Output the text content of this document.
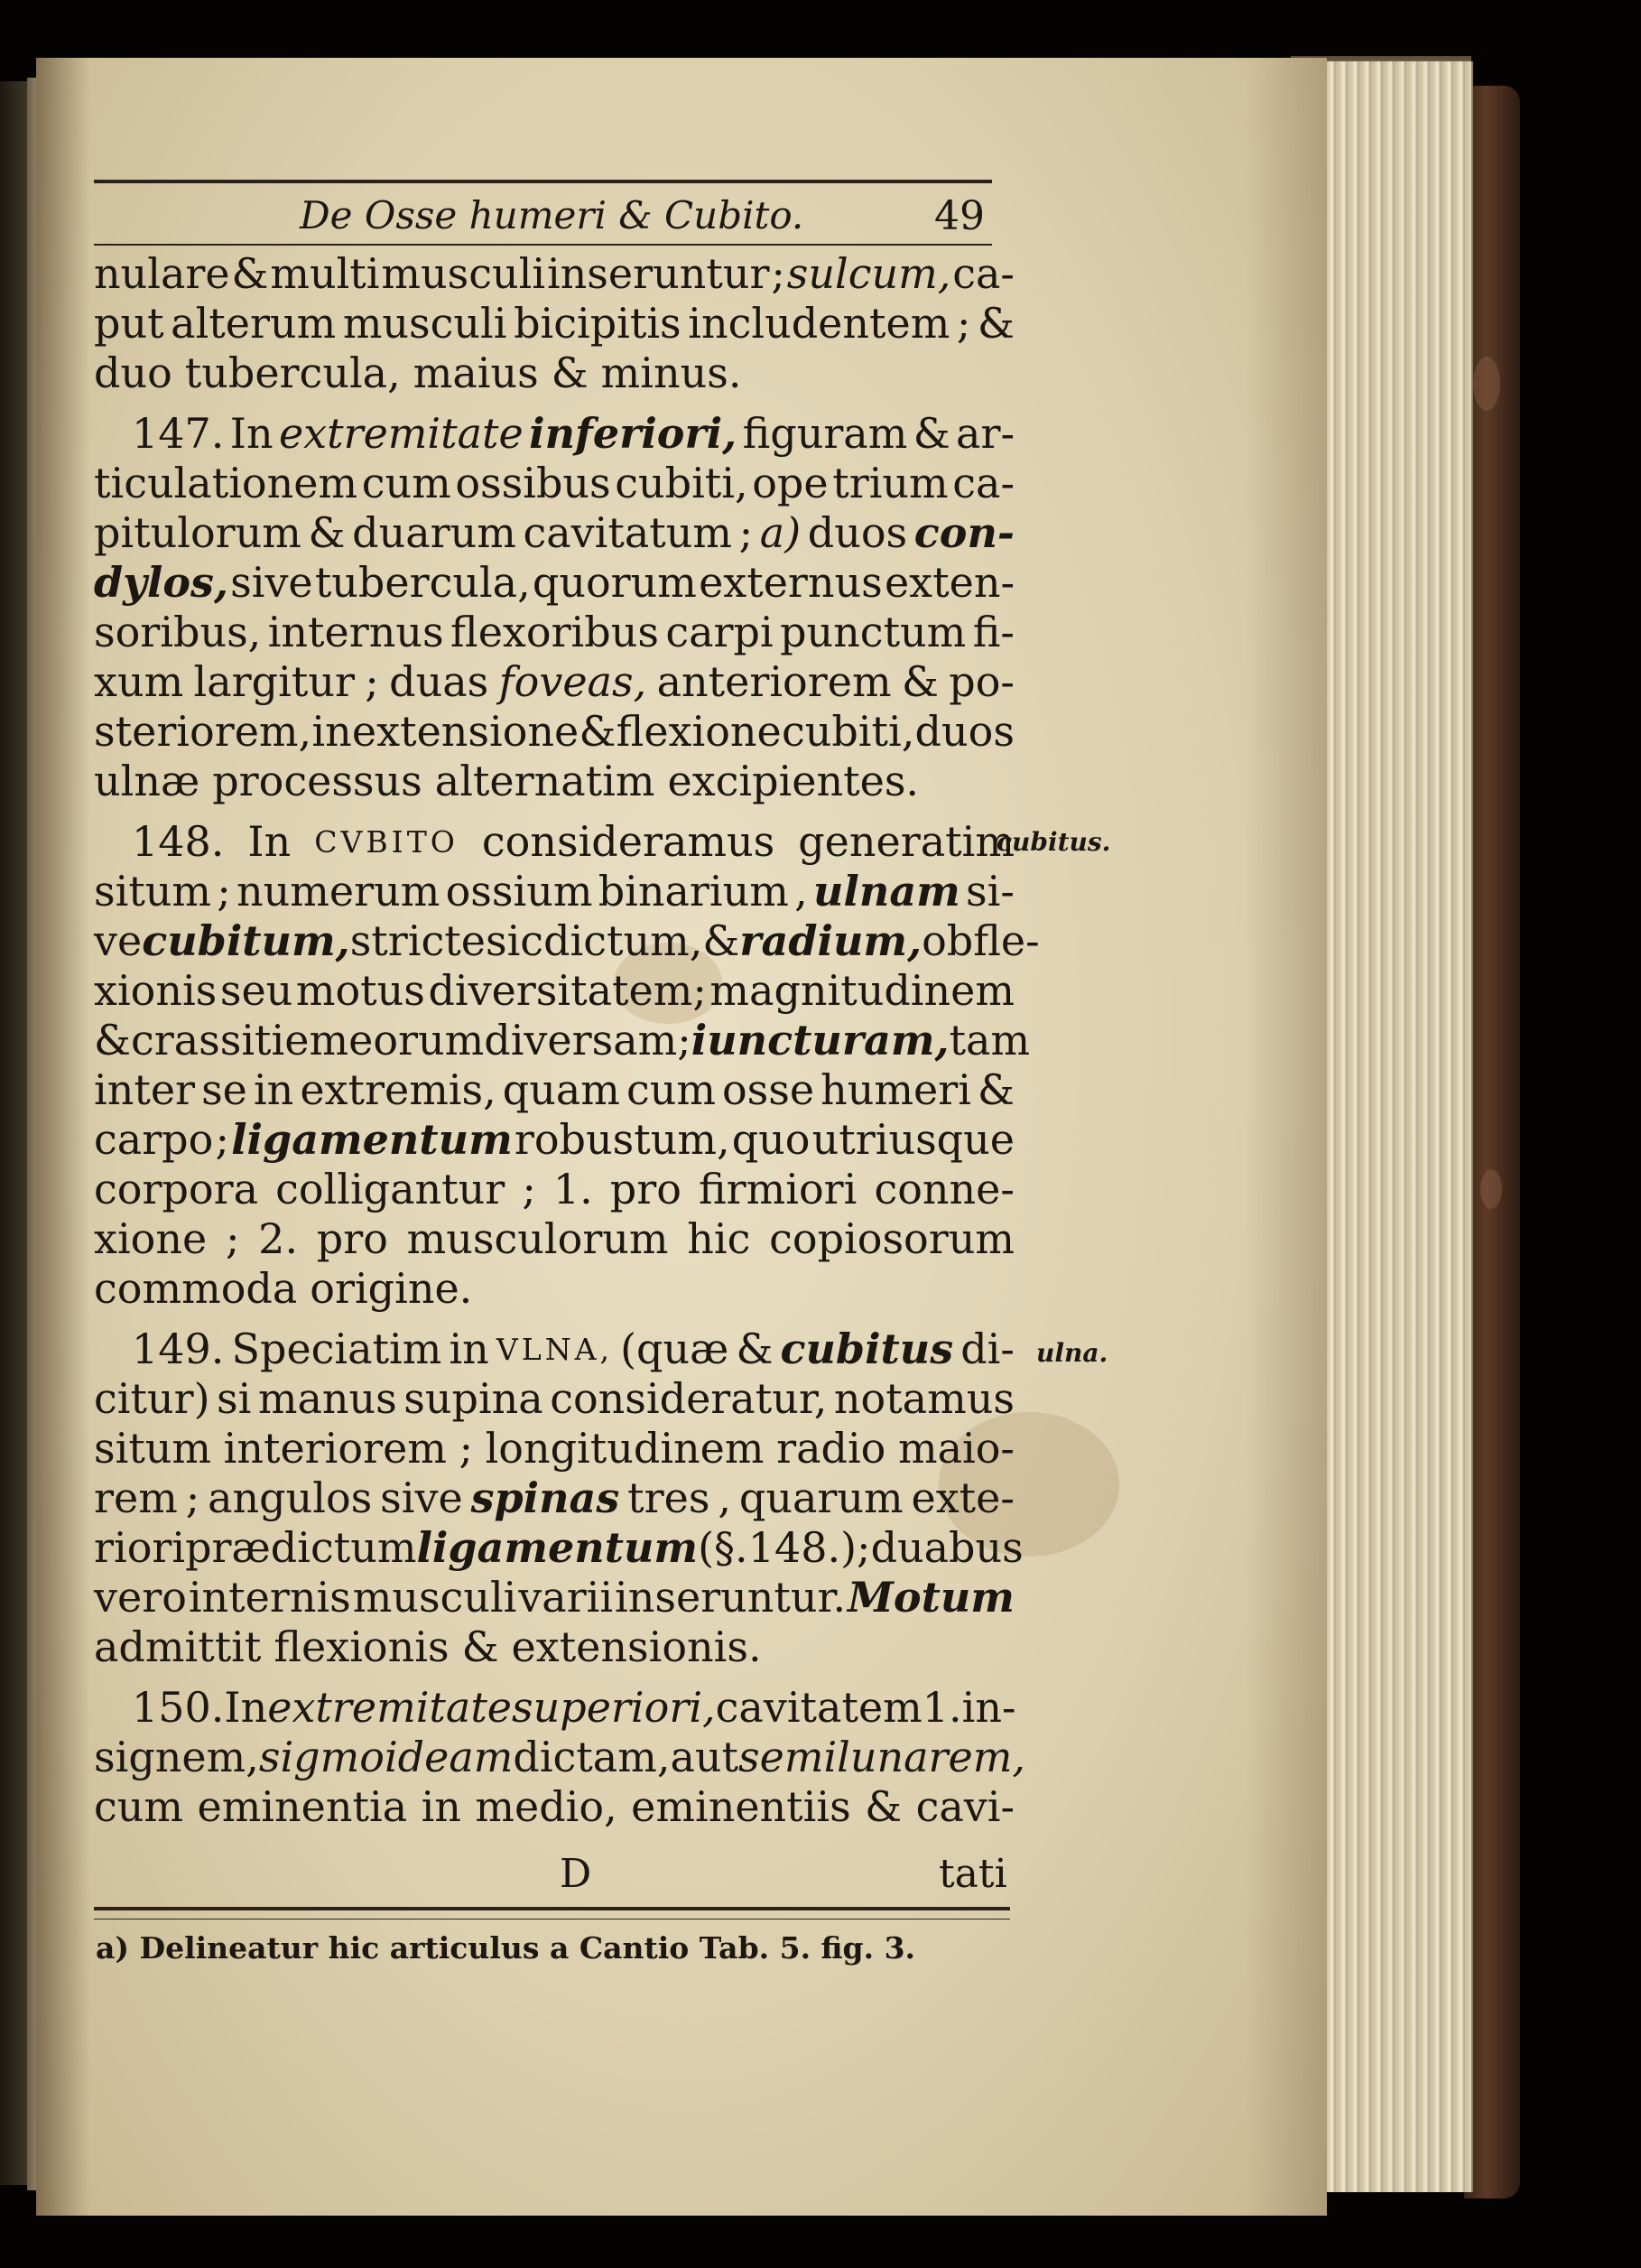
De Osse humeri & Cubito.	49
nulare & multi musculi inseruntur ; sulcum, ca-
put alterum musculi bicipitis includentem ; &
duo tubercula, maius & minus.
147. In extremitate inferiori, figuram & ar-
ticulationem cum ossibus cubiti, ope trium ca-
pitulorum & duarum cavitatum ; a) duos con-
dylos, sive tubercula, quorum externus exten-
soribus, internus flexoribus carpi punctum fi-
xum largitur ; duas foveas, anteriorem & po-
steriorem, in extensione & flexione cubiti, duos
ulnæ processus alternatim excipientes.
148. In CVBITO consideramus generatim
situm ; numerum ossium binarium , ulnam si-
ve cubitum, stricte sic dictum, & radium, ob fle-
xionis seu motus diversitatem; magnitudinem
& crassitiem eorum diversam ; iuncturam, tam
inter se in extremis, quam cum osse humeri &
carpo ; ligamentum robustum, quo utriusque
corpora colligantur ; 1. pro firmiori conne-
xione ; 2. pro musculorum hic copiosorum
commoda origine.
149. Speciatim in VLNA, (quæ & cubitus di-
citur) si manus supina consideratur, notamus
situm interiorem ; longitudinem radio maio-
rem ; angulos sive spinas tres , quarum exte-
riori prædictum ligamentum (§. 148. ); duabus
vero internis musculi varii inseruntur. Motum
admittit flexionis & extensionis.
150. In extremitate superiori, cavitatem 1. in-
signem , sigmoideam dictam , aut semilunarem,
cum eminentia in medio, eminentiis & cavi-
cubitus.
ulna.
D	tati
a) Delineatur hic articulus a Cantio Tab. 5. fig. 3.
